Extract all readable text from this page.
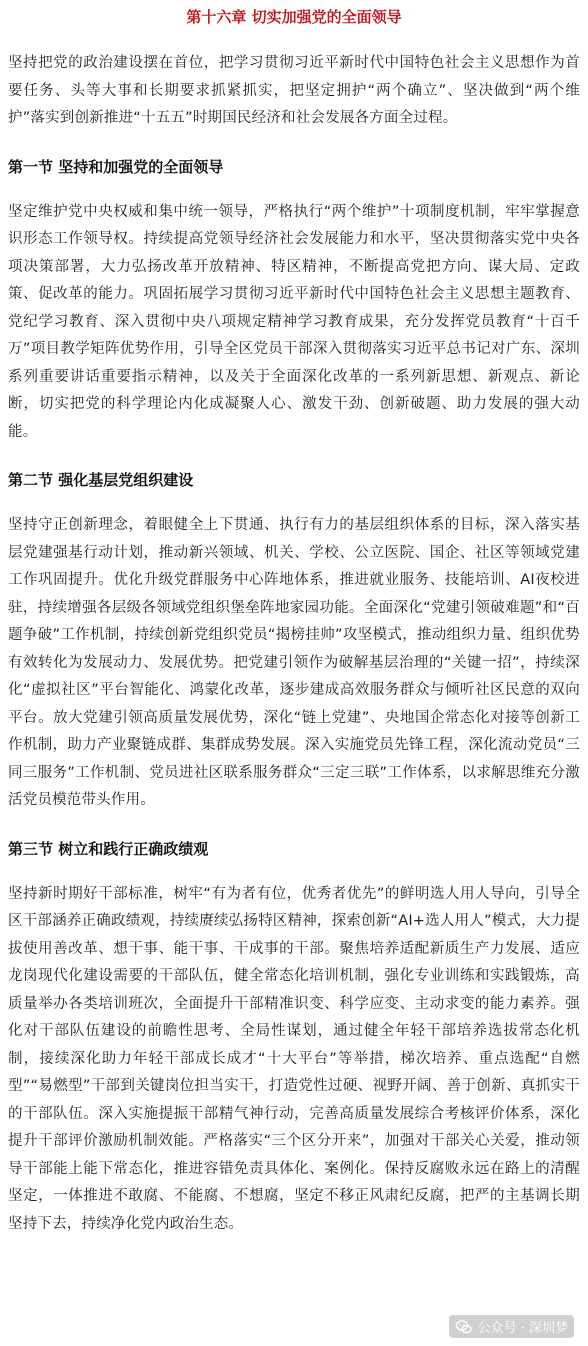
第十六章 切实加强党的全面领导

坚持把党的政治建设摆在首位，把学习贯彻习近平新时代中国特色社会主义思想作为首要任务、头等大事和长期要求抓紧抓实，把坚定拥护“两个确立”、坚决做到“两个维护”落实到创新推进“十五五”时期国民经济和社会发展各方面全过程。

第一节 坚持和加强党的全面领导

坚定维护党中央权威和集中统一领导，严格执行“两个维护”十项制度机制，牢牢掌握意识形态工作领导权。持续提高党领导经济社会发展能力和水平，坚决贯彻落实党中央各项决策部署，大力弘扬改革开放精神、特区精神，不断提高党把方向、谋大局、定政策、促改革的能力。巩固拓展学习贯彻习近平新时代中国特色社会主义思想主题教育、党纪学习教育、深入贯彻中央八项规定精神学习教育成果，充分发挥党员教育“十百千万”项目教学矩阵优势作用，引导全区党员干部深入贯彻落实习近平总书记对广东、深圳系列重要讲话重要指示精神，以及关于全面深化改革的一系列新思想、新观点、新论断，切实把党的科学理论内化成凝聚人心、激发干劲、创新破题、助力发展的强大动能。

第二节 强化基层党组织建设

坚持守正创新理念，着眼健全上下贯通、执行有力的基层组织体系的目标，深入落实基层党建强基行动计划，推动新兴领域、机关、学校、公立医院、国企、社区等领域党建工作巩固提升。优化升级党群服务中心阵地体系，推进就业服务、技能培训、AI夜校进驻，持续增强各层级各领域党组织堡垒阵地家园功能。全面深化“党建引领破难题”和“百题争破”工作机制，持续创新党组织党员“揭榜挂帅”攻坚模式，推动组织力量、组织优势有效转化为发展动力、发展优势。把党建引领作为破解基层治理的“关键一招”，持续深化“虚拟社区”平台智能化、鸿蒙化改革，逐步建成高效服务群众与倾听社区民意的双向平台。放大党建引领高质量发展优势，深化“链上党建”、央地国企常态化对接等创新工作机制，助力产业聚链成群、集群成势发展。深入实施党员先锋工程，深化流动党员“三同三服务”工作机制、党员进社区联系服务群众“三定三联”工作体系，以求解思维充分激活党员模范带头作用。

第三节 树立和践行正确政绩观

坚持新时期好干部标准，树牢“有为者有位，优秀者优先”的鲜明选人用人导向，引导全区干部涵养正确政绩观，持续赓续弘扬特区精神，探索创新“AI+选人用人”模式，大力提拔使用善改革、想干事、能干事、干成事的干部。聚焦培养适配新质生产力发展、适应龙岗现代化建设需要的干部队伍，健全常态化培训机制，强化专业训练和实践锻炼，高质量举办各类培训班次，全面提升干部精准识变、科学应变、主动求变的能力素养。强化对干部队伍建设的前瞻性思考、全局性谋划，通过健全年轻干部培养选拔常态化机制，接续深化助力年轻干部成长成才“十大平台”等举措，梯次培养、重点选配“自燃型”“易燃型”干部到关键岗位担当实干，打造党性过硬、视野开阔、善于创新、真抓实干的干部队伍。深入实施提振干部精气神行动，完善高质量发展综合考核评价体系，深化提升干部评价激励机制效能。严格落实“三个区分开来”，加强对干部关心关爱，推动领导干部能上能下常态化，推进容错免责具体化、案例化。保持反腐败永远在路上的清醒坚定，一体推进不敢腐、不能腐、不想腐，坚定不移正风肃纪反腐，把严的主基调长期坚持下去，持续净化党内政治生态。

公众号 · 深圳梦
